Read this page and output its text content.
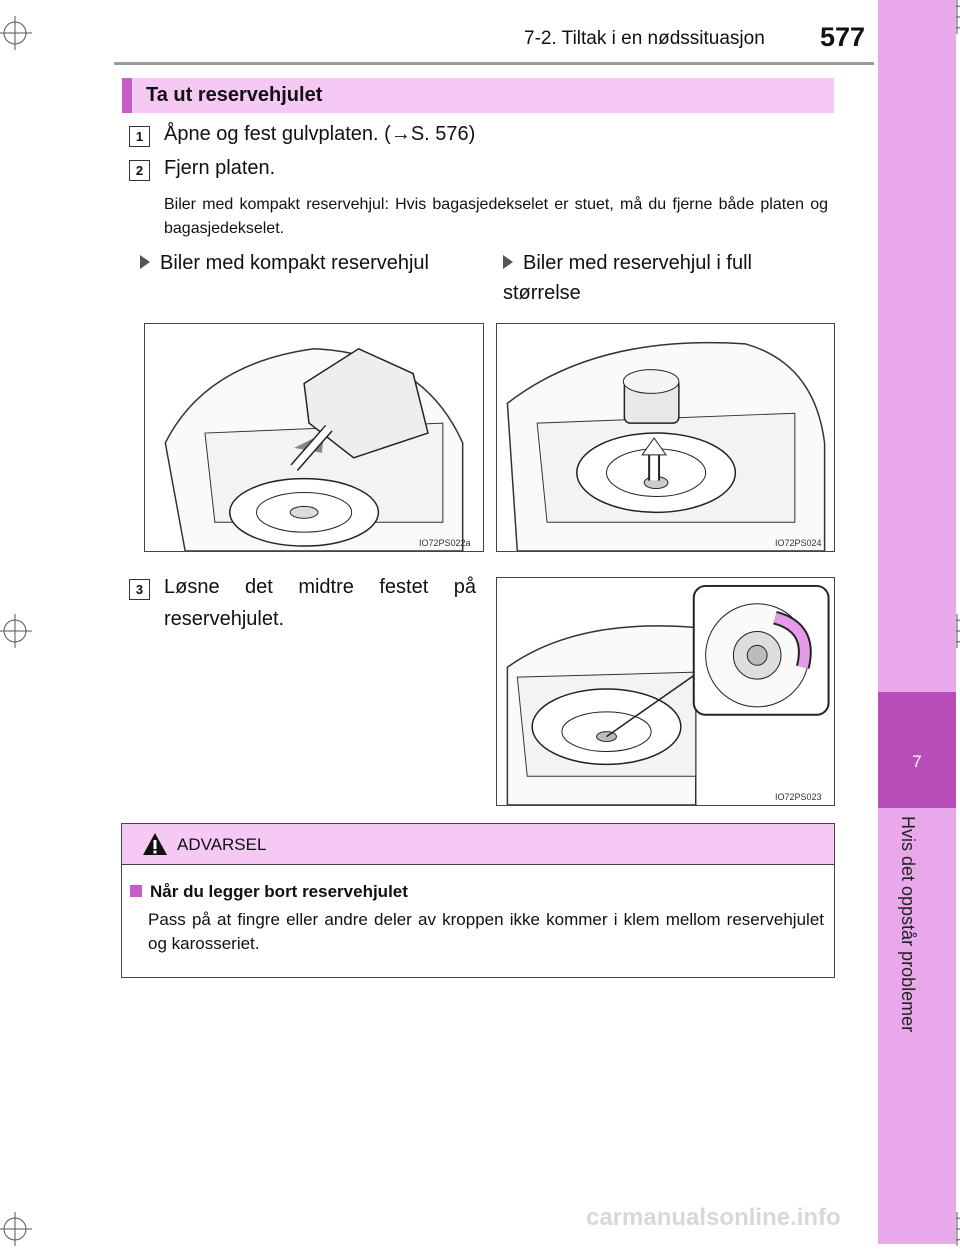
7
Hvis det oppstår problemer
7-2. Tiltak i en nødssituasjon 577
Ta ut reservehjulet
1	Åpne og fest gulvplaten. (→S. 576)
2	Fjern platen.
Biler med kompakt reservehjul: Hvis bagasjedekselet er stuet, må du fjerne både platen og bagasjedekselet.
Biler med kompakt reservehjul	Biler med reservehjul i full størrelse
IO72PS022a	IO72PS024
3	Løsne det midtre festet på reservehjulet.
IO72PS023
ADVARSEL
Når du legger bort reservehjulet
Pass på at fingre eller andre deler av kroppen ikke kommer i klem mellom reservehjulet og karosseriet.
carmanualsonline.info
